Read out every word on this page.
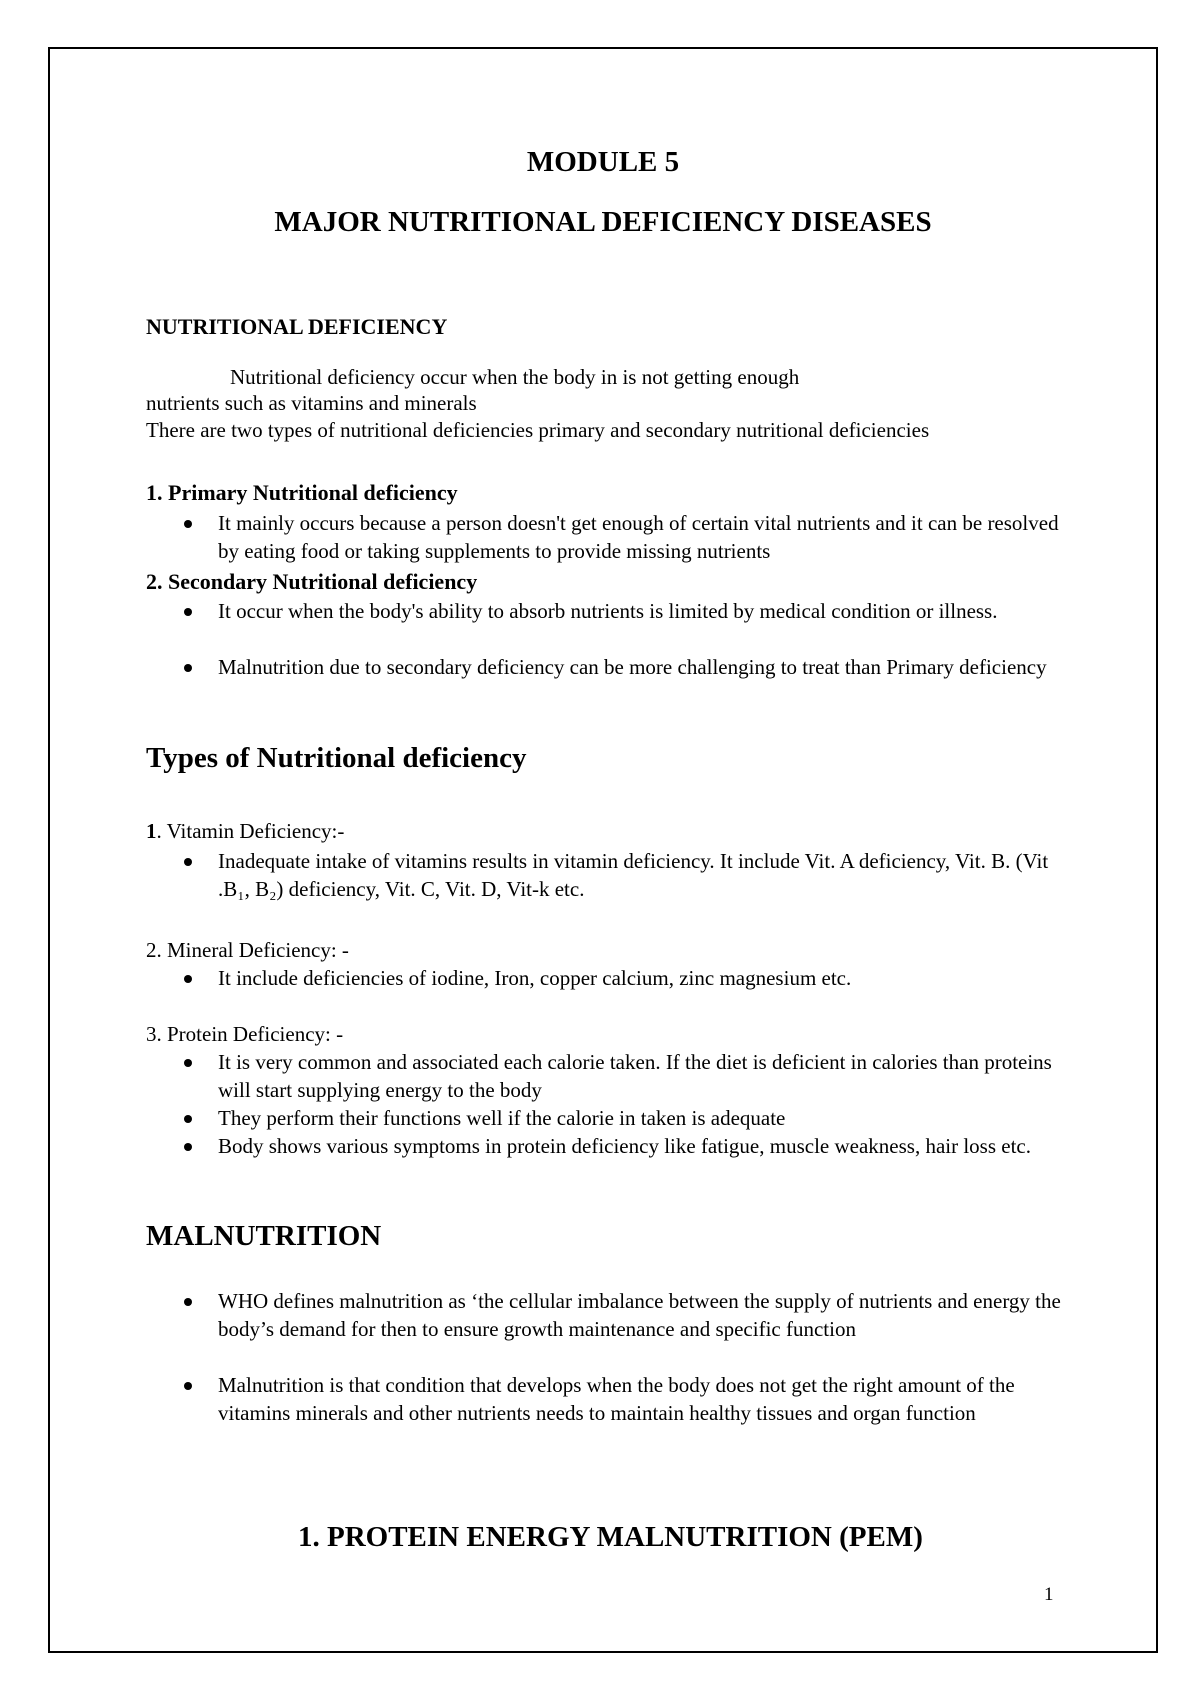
MODULE 5
MAJOR NUTRITIONAL DEFICIENCY DISEASES
NUTRITIONAL DEFICIENCY
Nutritional deficiency occur when the body in is not getting enough
nutrients such as vitamins and minerals
There are two types of nutritional deficiencies primary and secondary nutritional deficiencies
1. Primary Nutritional deficiency
It mainly occurs because a person doesn't get enough of certain vital nutrients and it can be resolved by eating food or taking supplements to provide missing nutrients
2. Secondary Nutritional deficiency
It occur when the body's ability to absorb nutrients is limited by medical condition or illness.
Malnutrition due to secondary deficiency can be more challenging to treat than Primary deficiency
Types of Nutritional deficiency
1. Vitamin Deficiency:-
Inadequate intake of vitamins results in vitamin deficiency. It include Vit. A deficiency, Vit. B. (Vit .B₁, B₂) deficiency, Vit. C, Vit. D, Vit-k etc.
2. Mineral Deficiency: -
It include deficiencies of iodine, Iron, copper calcium, zinc magnesium etc.
3. Protein Deficiency: -
It is very common and associated each calorie taken. If the diet is deficient in calories than proteins will start supplying energy to the body
They perform their functions well if the calorie in taken is adequate
Body shows various symptoms in protein deficiency like fatigue, muscle weakness, hair loss etc.
MALNUTRITION
WHO defines malnutrition as ‘the cellular imbalance between the supply of nutrients and energy the body’s demand for then to ensure growth maintenance and specific function
Malnutrition is that condition that develops when the body does not get the right amount of the vitamins minerals and other nutrients needs to maintain healthy tissues and organ function
1. PROTEIN ENERGY MALNUTRITION (PEM)
1
